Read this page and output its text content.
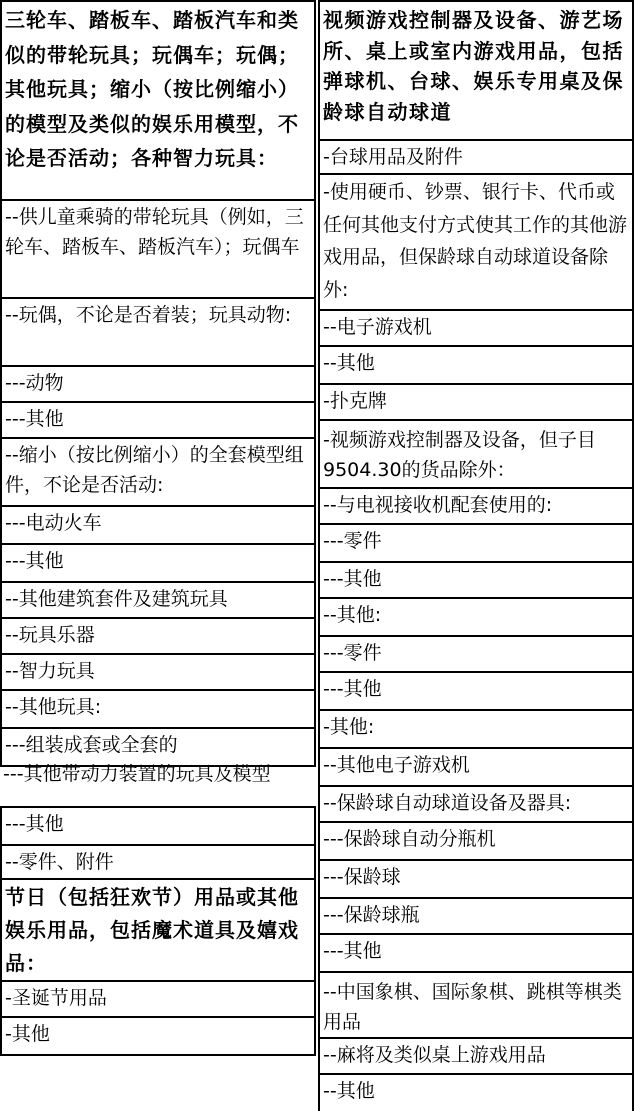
三轮车、踏板车、踏板汽车和类似的带轮玩具；玩偶车；玩偶；其他玩具；缩小（按比例缩小）的模型及类似的娱乐用模型，不论是否活动；各种智力玩具：
--供儿童乘骑的带轮玩具（例如，三轮车、踏板车、踏板汽车）；玩偶车
--玩偶，不论是否着装；玩具动物:
---动物
---其他
--缩小（按比例缩小）的全套模型组件，不论是否活动:
---电动火车
---其他
--其他建筑套件及建筑玩具
--玩具乐器
--智力玩具
--其他玩具:
---组装成套或全套的
---其他带动力装置的玩具及模型
---其他
--零件、附件
节日（包括狂欢节）用品或其他娱乐用品，包括魔术道具及嬉戏品：
-圣诞节用品
-其他
视频游戏控制器及设备、游艺场所、桌上或室内游戏用品，包括弹球机、台球、娱乐专用桌及保龄球自动球道
-台球用品及附件
-使用硬币、钞票、银行卡、代币或任何其他支付方式使其工作的其他游戏用品，但保龄球自动球道设备除外:
--电子游戏机
--其他
-扑克牌
-视频游戏控制器及设备，但子目9504.30的货品除外：
--与电视接收机配套使用的:
---零件
---其他
--其他:
---零件
---其他
-其他:
--其他电子游戏机
--保龄球自动球道设备及器具:
---保龄球自动分瓶机
---保龄球
---保龄球瓶
---其他
--中国象棋、国际象棋、跳棋等棋类用品
--麻将及类似桌上游戏用品
--其他
